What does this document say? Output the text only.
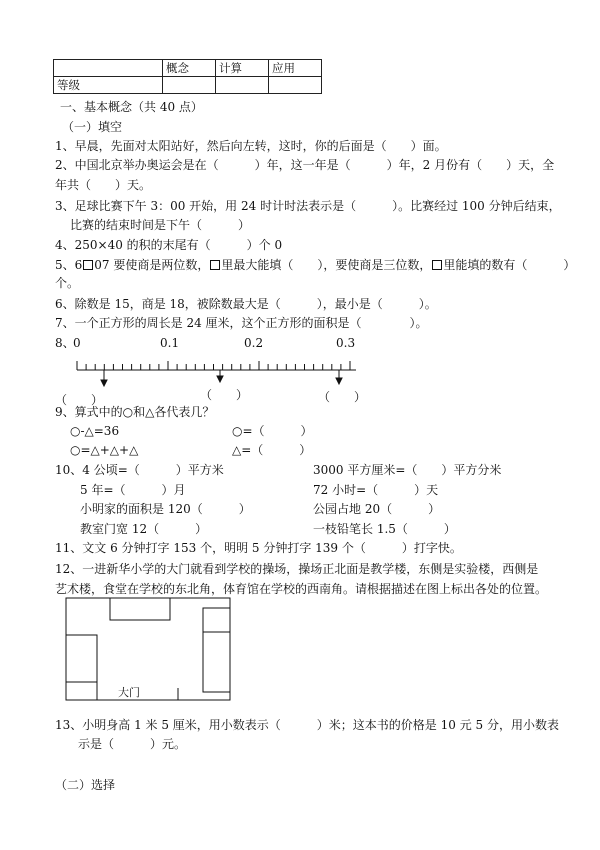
	概念	计算	应用
等级			
一、基本概念（共 40 点）
（一）填空
1、早晨，先面对太阳站好，然后向左转，这时，你的后面是（　　）面。
2、中国北京举办奥运会是在（　　　）年，这一年是（　　　）年，2 月份有（　　）天，全
年共（　　）天。
3、足球比赛下午 3：00 开始，用 24 时计时法表示是（　　　）。比赛经过 100 分钟后结束，
比赛的结束时间是下午（　　　）
4、250×40 的积的末尾有（　　　）个 0
5、6 07 要使商是两位数， 里最大能填（　　），要使商是三位数， 里能填的数有（　　　）
个。
6、除数是 15，商是 18，被除数最大是（　　　），最小是（　　　）。
7、一个正方形的周长是 24 厘米，这个正方形的面积是（　　　　）。
8、
0	0.1	0.2	0.3
（　　）	（　　）	（　　）
9、算式中的○和△各代表几？
○-△=36	○=（　　　）
○=△+△+△	△=（　　　）
10、4 公顷=（　　　）平方米	3000 平方厘米=（　　）平方分米
5 年=（　　　）月	72 小时=（　　　）天
小明家的面积是 120（　　　）	公园占地 20（　　　）
教室门宽 12（　　　）	一枝铅笔长 1.5（　　　）
11、文文 6 分钟打字 153 个，明明 5 分钟打字 139 个（　　　）打字快。
12、一进新华小学的大门就看到学校的操场，操场正北面是教学楼，东侧是实验楼，西侧是
艺术楼，食堂在学校的东北角，体育馆在学校的西南角。请根据描述在图上标出各处的位置。
大门
13、小明身高 1 米 5 厘米，用小数表示（　　　）米；这本书的价格是 10 元 5 分，用小数表
示是（　　　）元。
（二）选择
